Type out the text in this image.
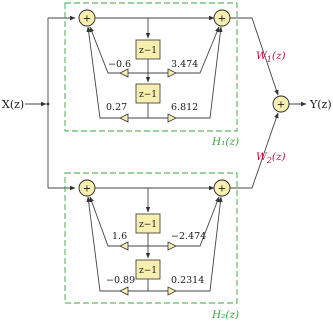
X(z)	+ Y(z)
H₁(z)
+	+
z−1
z−1
−0.6	3.474
0.27	6.812
$W_1(z)$
H₂(z)
+	+
z−1
z−1
1.6	−2.474
−0.89	0.2314
$W_2(z)$
